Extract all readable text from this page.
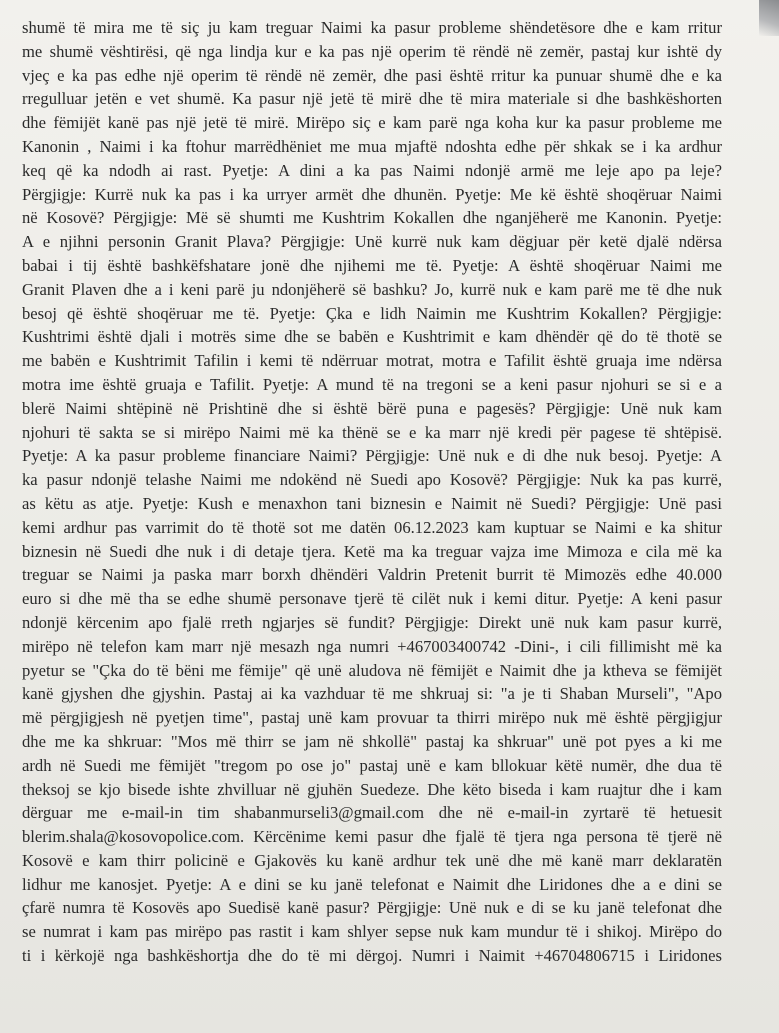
shumë të mira me të siç ju kam treguar Naimi ka pasur probleme shëndetësore dhe e kam rritur
me shumë vështirësi, që nga lindja kur e ka pas një operim të rëndë në zemër, pastaj kur ishtë dy
vjeç e ka pas edhe një operim të rëndë në zemër, dhe pasi është rritur ka punuar shumë dhe e ka
rregulluar jetën e vet shumë. Ka pasur një jetë të mirë dhe të mira materiale si dhe bashkëshorten
dhe fëmijët kanë pas një jetë të mirë. Mirëpo siç e kam parë nga koha kur ka pasur probleme me
Kanonin , Naimi i ka ftohur marrëdhëniet me mua mjaftë ndoshta edhe për shkak se i ka ardhur
keq që ka ndodh ai rast. Pyetje: A dini a ka pas Naimi ndonjë armë me leje apo pa leje?
Përgjigje: Kurrë nuk ka pas i ka urryer armët dhe dhunën. Pyetje: Me kë është shoqëruar Naimi
në Kosovë? Përgjigje: Më së shumti me Kushtrim Kokallen dhe nganjëherë me Kanonin. Pyetje:
A e njihni personin Granit Plava? Përgjigje: Unë kurrë nuk kam dëgjuar për ketë djalë ndërsa
babai i tij është bashkëfshatare jonë dhe njihemi me të. Pyetje: A është shoqëruar Naimi me
Granit Plaven dhe a i keni parë ju ndonjëherë së bashku? Jo, kurrë nuk e kam parë me të dhe nuk
besoj që është shoqëruar me të. Pyetje: Çka e lidh Naimin me Kushtrim Kokallen? Përgjigje:
Kushtrimi është djali i motrës sime dhe se babën e Kushtrimit e kam dhëndër që do të thotë se
me babën e Kushtrimit Tafilin i kemi të ndërruar motrat, motra e Tafilit është gruaja ime ndërsa
motra ime është gruaja e Tafilit. Pyetje: A mund të na tregoni se a keni pasur njohuri se si e a
blerë Naimi shtëpinë në Prishtinë dhe si është bërë puna e pagesës? Përgjigje: Unë nuk kam
njohuri të sakta se si mirëpo Naimi më ka thënë se e ka marr një kredi për pagese të shtëpisë.
Pyetje: A ka pasur probleme financiare Naimi? Përgjigje: Unë nuk e di dhe nuk besoj. Pyetje: A
ka pasur ndonjë telashe Naimi me ndokënd në Suedi apo Kosovë? Përgjigje: Nuk ka pas kurrë,
as këtu as atje. Pyetje: Kush e menaxhon tani biznesin e Naimit në Suedi? Përgjigje: Unë pasi
kemi ardhur pas varrimit do të thotë sot me datën 06.12.2023 kam kuptuar se Naimi e ka shitur
biznesin në Suedi dhe nuk i di detaje tjera. Ketë ma ka treguar vajza ime Mimoza e cila më ka
treguar se Naimi ja paska marr borxh dhëndëri Valdrin Pretenit burrit të Mimozës edhe 40.000
euro si dhe më tha se edhe shumë personave tjerë të cilët nuk i kemi ditur. Pyetje: A keni pasur
ndonjë kërcenim apo fjalë rreth ngjarjes së fundit? Përgjigje: Direkt unë nuk kam pasur kurrë,
mirëpo në telefon kam marr një mesazh nga numri +467003400742 -Dini-, i cili fillimisht më ka
pyetur se "Çka do të bëni me fëmije" që unë aludova në fëmijët e Naimit dhe ja ktheva se fëmijët
kanë gjyshen dhe gjyshin. Pastaj ai ka vazhduar të me shkruaj si: "a je ti Shaban Murseli", "Apo
më përgjigjesh në pyetjen time", pastaj unë kam provuar ta thirri mirëpo nuk më është përgjigjur
dhe me ka shkruar: "Mos më thirr se jam në shkollë" pastaj ka shkruar" unë pot pyes a ki me
ardh në Suedi me fëmijët "tregom po ose jo" pastaj unë e kam bllokuar këtë numër, dhe dua të
theksoj se kjo bisede ishte zhvilluar në gjuhën Suedeze. Dhe këto biseda i kam ruajtur dhe i kam
dërguar me e-mail-in tim shabanmurseli3@gmail.com dhe në e-mail-in zyrtarë të hetuesit
blerim.shala@kosovopolice.com. Kërcënime kemi pasur dhe fjalë të tjera nga persona të tjerë në
Kosovë e kam thirr policinë e Gjakovës ku kanë ardhur tek unë dhe më kanë marr deklaratën
lidhur me kanosjet. Pyetje: A e dini se ku janë telefonat e Naimit dhe Liridones dhe a e dini se
çfarë numra të Kosovës apo Suedisë kanë pasur? Përgjigje: Unë nuk e di se ku janë telefonat dhe
se numrat i kam pas mirëpo pas rastit i kam shlyer sepse nuk kam mundur të i shikoj. Mirëpo do
ti i kërkojë nga bashkëshortja dhe do të mi dërgoj. Numri i Naimit +46704806715 i Liridones
